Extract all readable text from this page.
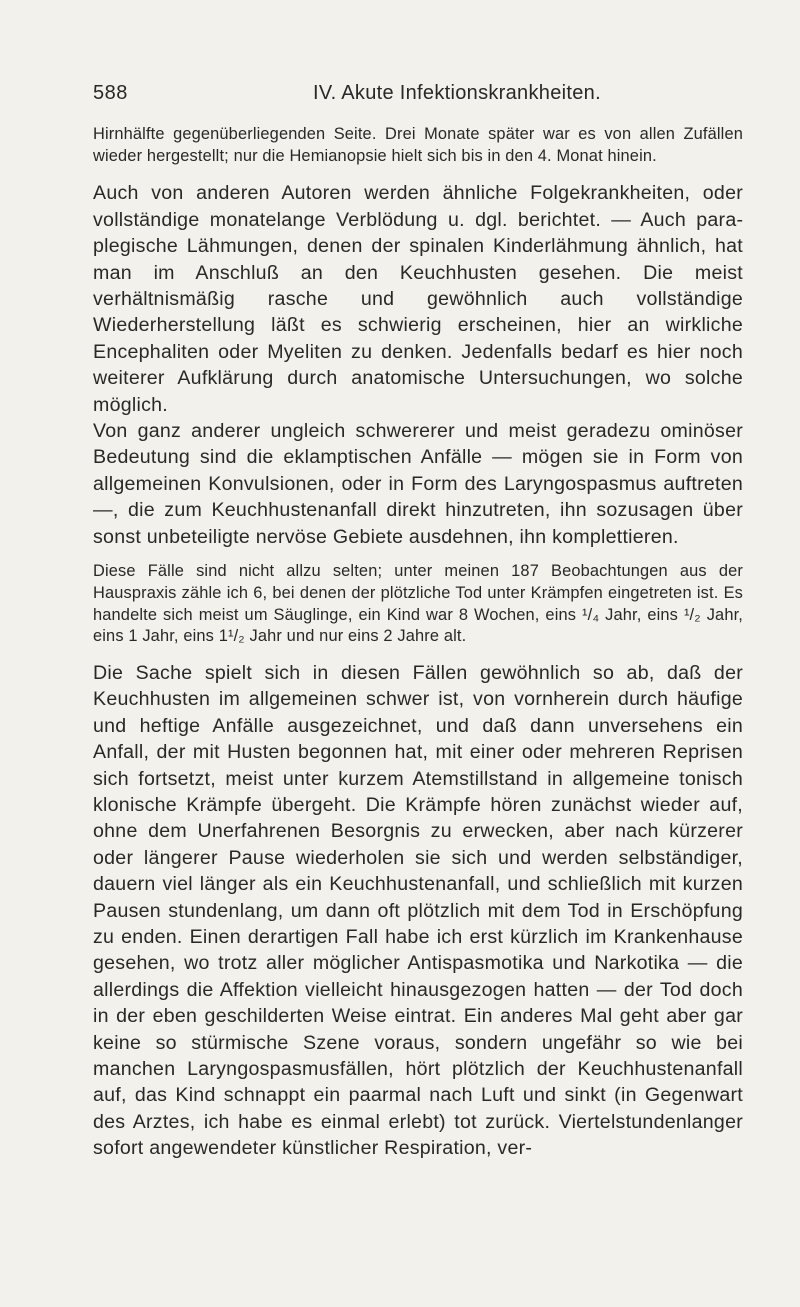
588	IV. Akute Infektionskrankheiten.

Hirnhälfte gegenüberliegenden Seite. Drei Monate später war es von allen Zufällen wieder hergestellt; nur die Hemianopsie hielt sich bis in den 4. Monat hinein.

Auch von anderen Autoren werden ähnliche Folgekrankheiten, oder vollständige monatelange Verblödung u. dgl. berichtet. — Auch paraplegische Lähmungen, denen der spinalen Kinderlähmung ähnlich, hat man im Anschluß an den Keuchhusten gesehen. Die meist verhältnismäßig rasche und gewöhnlich auch vollständige Wiederherstellung läßt es schwierig erscheinen, hier an wirkliche Encephaliten oder Myeliten zu denken. Jedenfalls bedarf es hier noch weiterer Aufklärung durch anatomische Untersuchungen, wo solche möglich.

Von ganz anderer ungleich schwererer und meist geradezu ominöser Bedeutung sind die eklamptischen Anfälle — mögen sie in Form von allgemeinen Konvulsionen, oder in Form des Laryngospasmus auftreten —, die zum Keuchhustenanfall direkt hinzutreten, ihn sozusagen über sonst unbeteiligte nervöse Gebiete ausdehnen, ihn komplettieren.

Diese Fälle sind nicht allzu selten; unter meinen 187 Beobachtungen aus der Hauspraxis zähle ich 6, bei denen der plötzliche Tod unter Krämpfen eingetreten ist. Es handelte sich meist um Säuglinge, ein Kind war 8 Wochen, eins ¹/₄ Jahr, eins ¹/₂ Jahr, eins 1 Jahr, eins 1¹/₂ Jahr und nur eins 2 Jahre alt.

Die Sache spielt sich in diesen Fällen gewöhnlich so ab, daß der Keuchhusten im allgemeinen schwer ist, von vornherein durch häufige und heftige Anfälle ausgezeichnet, und daß dann unversehens ein Anfall, der mit Husten begonnen hat, mit einer oder mehreren Reprisen sich fortsetzt, meist unter kurzem Atemstillstand in allgemeine tonisch klonische Krämpfe übergeht. Die Krämpfe hören zunächst wieder auf, ohne dem Unerfahrenen Besorgnis zu erwecken, aber nach kürzerer oder längerer Pause wiederholen sie sich und werden selbständiger, dauern viel länger als ein Keuchhustenanfall, und schließlich mit kurzen Pausen stundenlang, um dann oft plötzlich mit dem Tod in Erschöpfung zu enden. Einen derartigen Fall habe ich erst kürzlich im Krankenhause gesehen, wo trotz aller möglicher Antispasmotika und Narkotika — die allerdings die Affektion vielleicht hinausgezogen hatten — der Tod doch in der eben geschilderten Weise eintrat. Ein anderes Mal geht aber gar keine so stürmische Szene voraus, sondern ungefähr so wie bei manchen Laryngospasmusfällen, hört plötzlich der Keuchhustenanfall auf, das Kind schnappt ein paarmal nach Luft und sinkt (in Gegenwart des Arztes, ich habe es einmal erlebt) tot zurück. Viertelstundenlanger sofort angewendeter künstlicher Respiration, ver-
